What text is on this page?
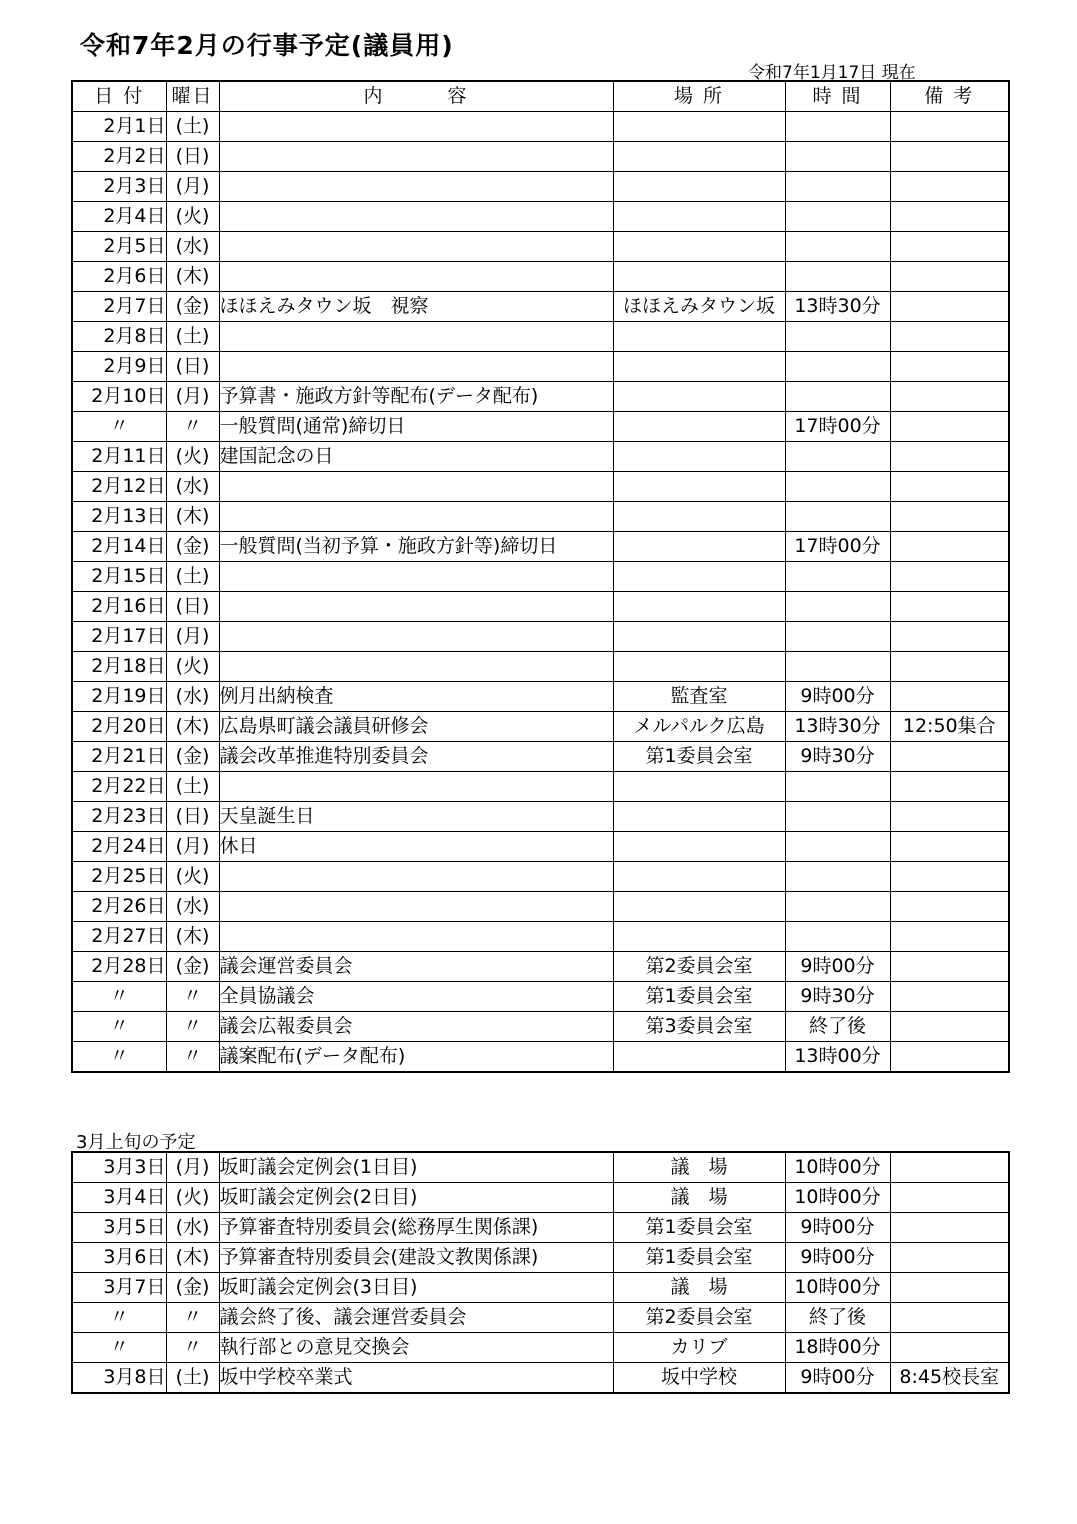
令和7年2月の行事予定(議員用)
令和7年1月17日 現在
日 付	曜日	内　　　容	場 所	時 間	備 考
2月1日	(土)				
2月2日	(日)				
2月3日	(月)				
2月4日	(火)				
2月5日	(水)				
2月6日	(木)				
2月7日	(金)	ほほえみタウン坂　視察	ほほえみタウン坂	13時30分	
2月8日	(土)				
2月9日	(日)				
2月10日	(月)	予算書・施政方針等配布(データ配布)			
〃	〃	一般質問(通常)締切日		17時00分	
2月11日	(火)	建国記念の日			
2月12日	(水)				
2月13日	(木)				
2月14日	(金)	一般質問(当初予算・施政方針等)締切日		17時00分	
2月15日	(土)				
2月16日	(日)				
2月17日	(月)				
2月18日	(火)				
2月19日	(水)	例月出納検査	監査室	9時00分	
2月20日	(木)	広島県町議会議員研修会	メルパルク広島	13時30分	12:50集合
2月21日	(金)	議会改革推進特別委員会	第1委員会室	9時30分	
2月22日	(土)				
2月23日	(日)	天皇誕生日			
2月24日	(月)	休日			
2月25日	(火)				
2月26日	(水)				
2月27日	(木)				
2月28日	(金)	議会運営委員会	第2委員会室	9時00分	
〃	〃	全員協議会	第1委員会室	9時30分	
〃	〃	議会広報委員会	第3委員会室	終了後	
〃	〃	議案配布(データ配布)		13時00分	
3月上旬の予定
3月3日	(月)	坂町議会定例会(1日目)	議　場	10時00分	
3月4日	(火)	坂町議会定例会(2日目)	議　場	10時00分	
3月5日	(水)	予算審査特別委員会(総務厚生関係課)	第1委員会室	9時00分	
3月6日	(木)	予算審査特別委員会(建設文教関係課)	第1委員会室	9時00分	
3月7日	(金)	坂町議会定例会(3日目)	議　場	10時00分	
〃	〃	議会終了後、議会運営委員会	第2委員会室	終了後	
〃	〃	執行部との意見交換会	カリブ	18時00分	
3月8日	(土)	坂中学校卒業式	坂中学校	9時00分	8:45校長室
